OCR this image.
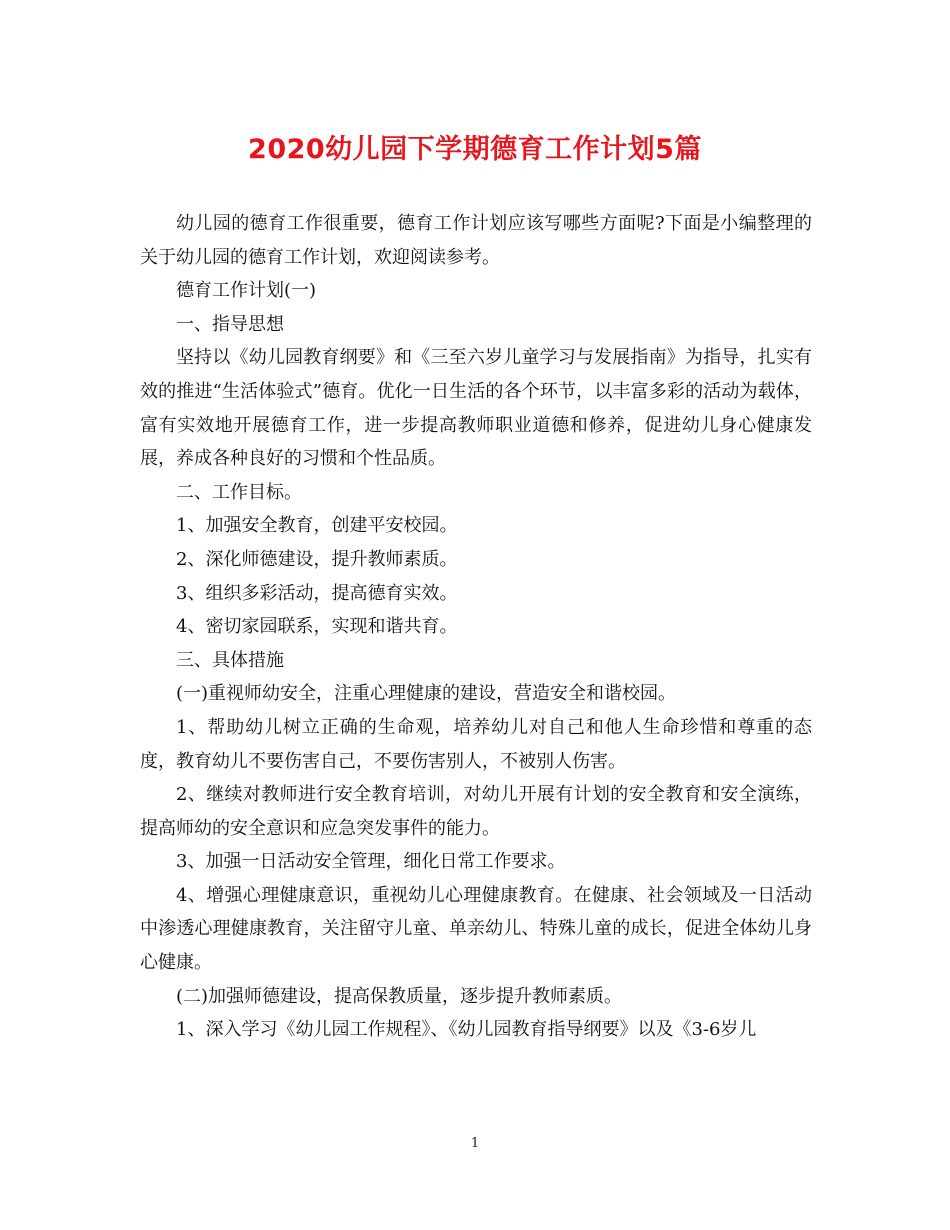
2020幼儿园下学期德育工作计划5篇

幼儿园的德育工作很重要，德育工作计划应该写哪些方面呢?下面是小编整理的关于幼儿园的德育工作计划，欢迎阅读参考。

德育工作计划(一)

一、指导思想

坚持以《幼儿园教育纲要》和《三至六岁儿童学习与发展指南》为指导，扎实有效的推进“生活体验式”德育。优化一日生活的各个环节，以丰富多彩的活动为载体，富有实效地开展德育工作，进一步提高教师职业道德和修养，促进幼儿身心健康发展，养成各种良好的习惯和个性品质。

二、工作目标。

1、加强安全教育，创建平安校园。

2、深化师德建设，提升教师素质。

3、组织多彩活动，提高德育实效。

4、密切家园联系，实现和谐共育。

三、具体措施

(一)重视师幼安全，注重心理健康的建设，营造安全和谐校园。

1、帮助幼儿树立正确的生命观，培养幼儿对自己和他人生命珍惜和尊重的态度，教育幼儿不要伤害自己，不要伤害别人，不被别人伤害。

2、继续对教师进行安全教育培训，对幼儿开展有计划的安全教育和安全演练，提高师幼的安全意识和应急突发事件的能力。

3、加强一日活动安全管理，细化日常工作要求。

4、增强心理健康意识，重视幼儿心理健康教育。在健康、社会领域及一日活动中渗透心理健康教育，关注留守儿童、单亲幼儿、特殊儿童的成长，促进全体幼儿身心健康。

(二)加强师德建设，提高保教质量，逐步提升教师素质。

1、深入学习《幼儿园工作规程》、《幼儿园教育指导纲要》以及《3-6岁儿

1
